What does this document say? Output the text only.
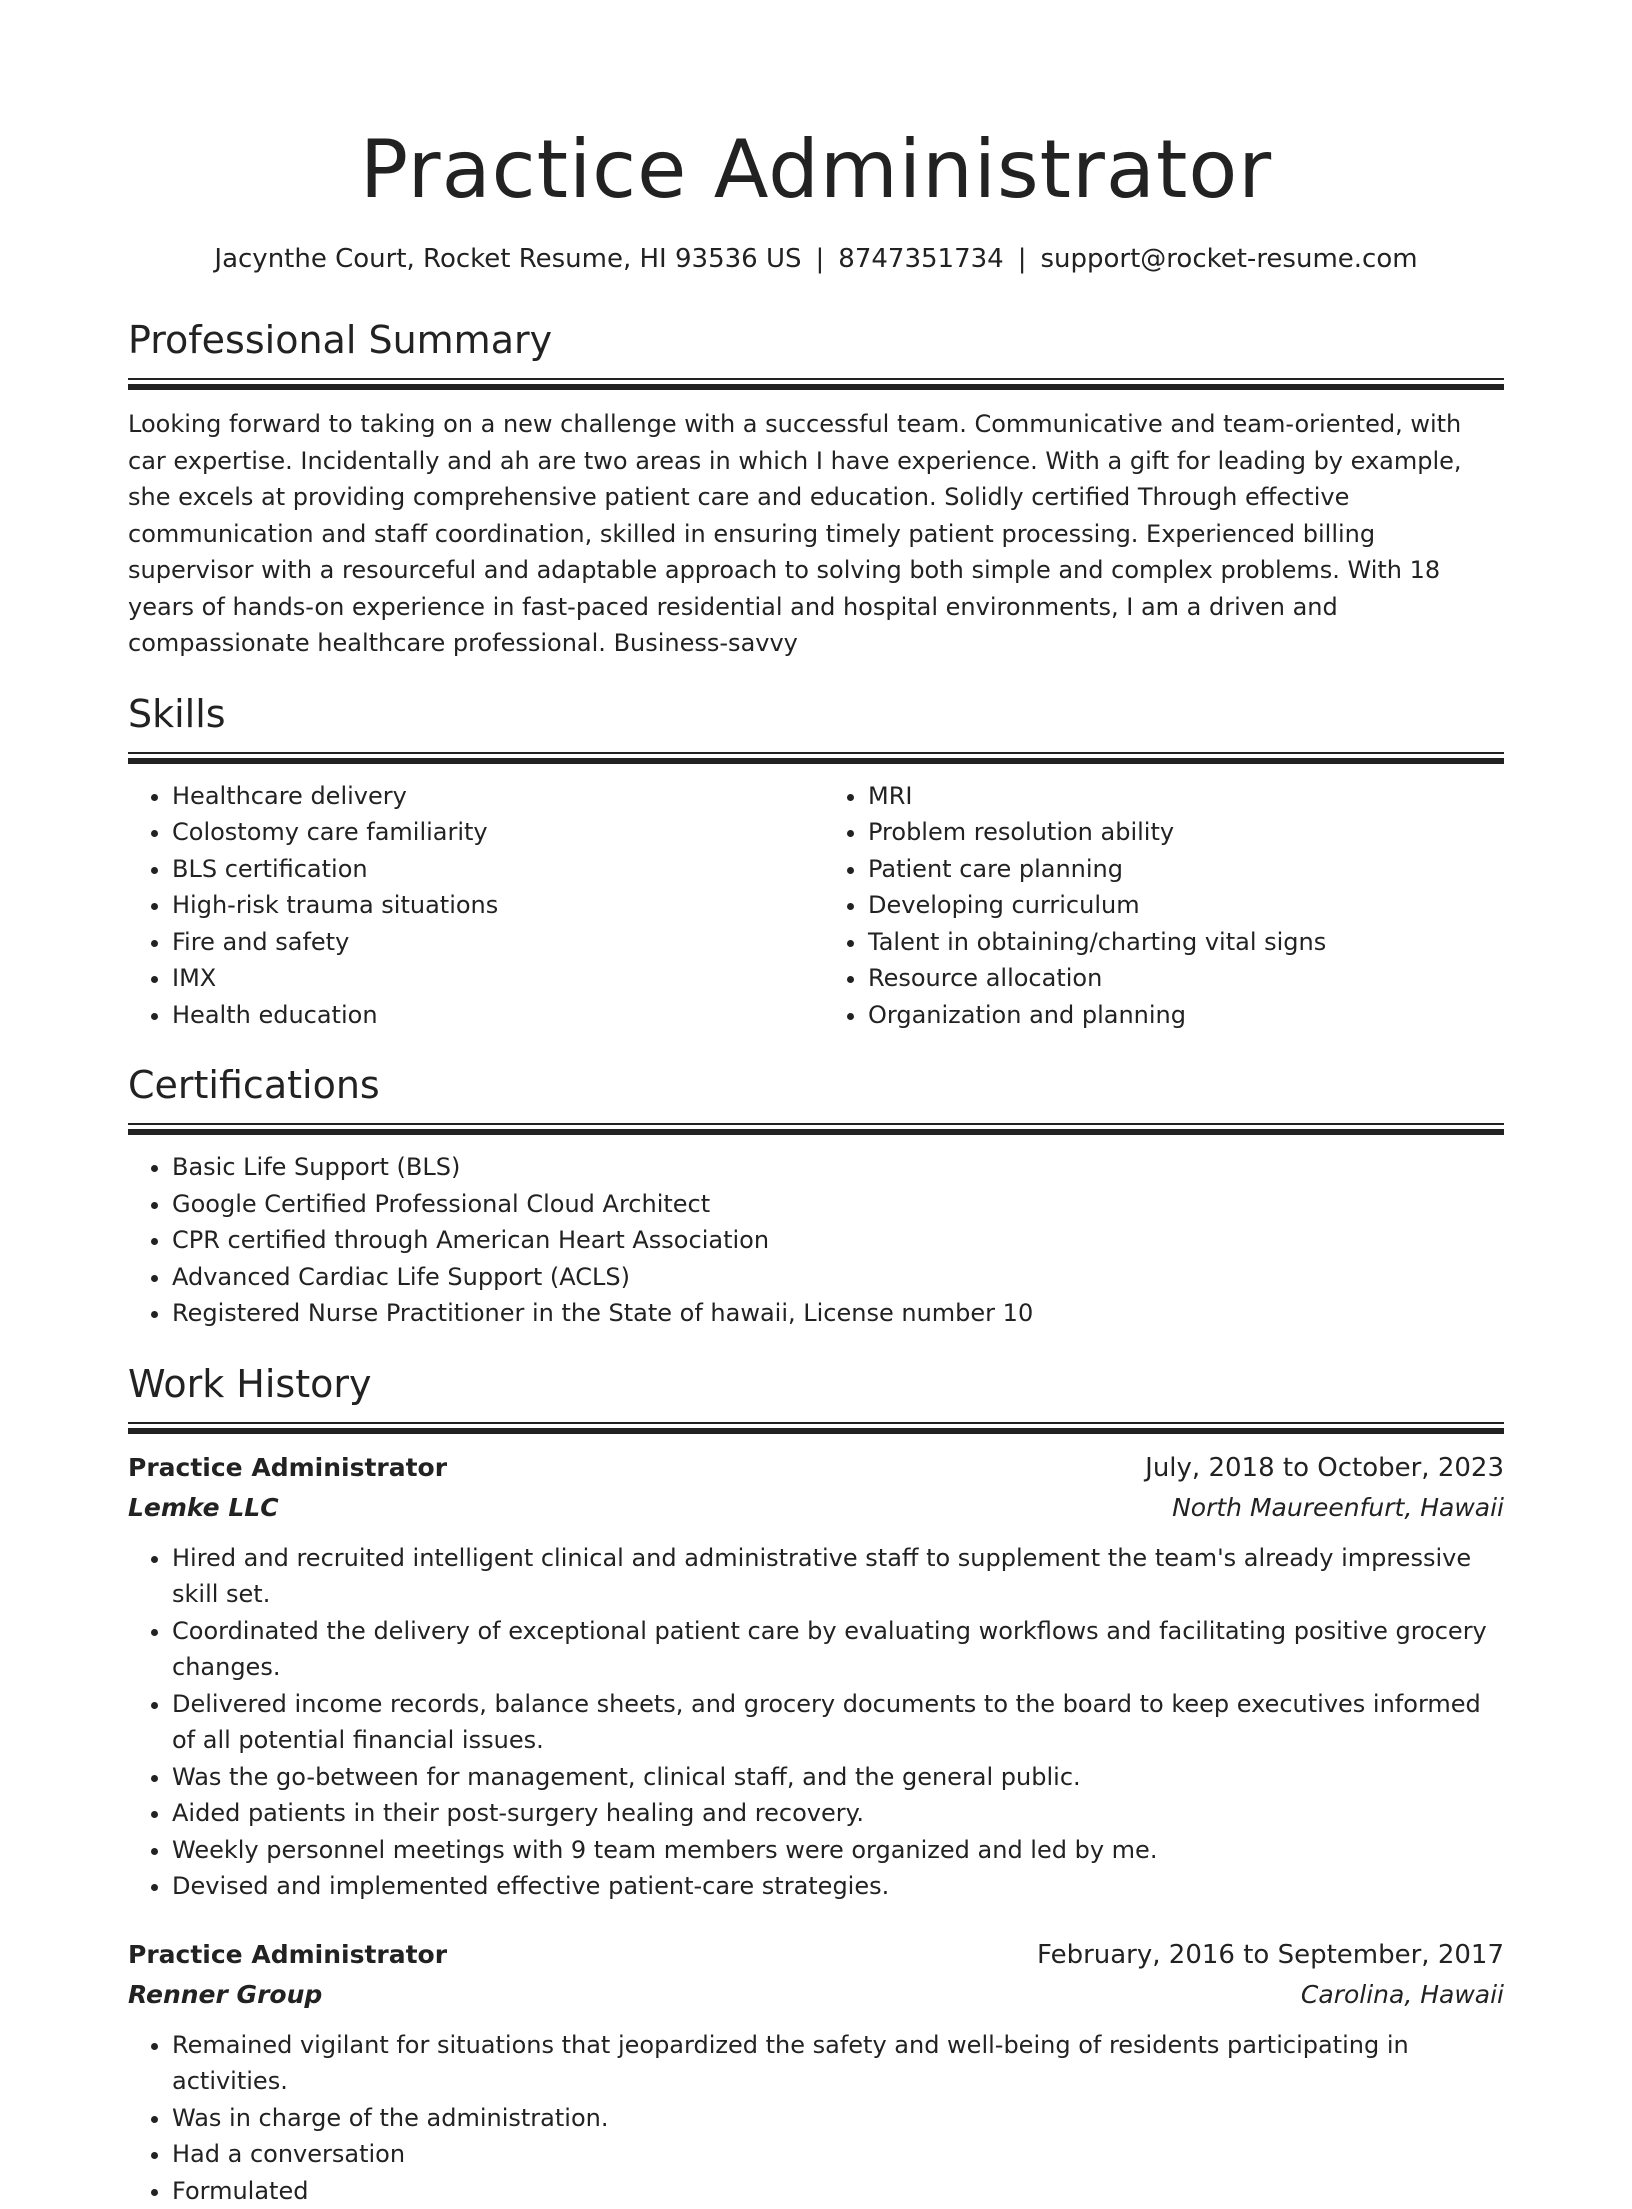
Practice Administrator
Jacynthe Court, Rocket Resume, HI 93536 US | 8747351734 | support@rocket-resume.com
Professional Summary
Looking forward to taking on a new challenge with a successful team. Communicative and team-oriented, with car expertise. Incidentally and ah are two areas in which I have experience. With a gift for leading by example, she excels at providing comprehensive patient care and education. Solidly certified Through effective communication and staff coordination, skilled in ensuring timely patient processing. Experienced billing supervisor with a resourceful and adaptable approach to solving both simple and complex problems. With 18 years of hands-on experience in fast-paced residential and hospital environments, I am a driven and compassionate healthcare professional. Business-savvy
Skills
• Healthcare delivery
• Colostomy care familiarity
• BLS certification
• High-risk trauma situations
• Fire and safety
• IMX
• Health education
• MRI
• Problem resolution ability
• Patient care planning
• Developing curriculum
• Talent in obtaining/charting vital signs
• Resource allocation
• Organization and planning
Certifications
• Basic Life Support (BLS)
• Google Certified Professional Cloud Architect
• CPR certified through American Heart Association
• Advanced Cardiac Life Support (ACLS)
• Registered Nurse Practitioner in the State of hawaii, License number 10
Work History
Practice Administrator	July, 2018 to October, 2023
Lemke LLC	North Maureenfurt, Hawaii
• Hired and recruited intelligent clinical and administrative staff to supplement the team's already impressive skill set.
• Coordinated the delivery of exceptional patient care by evaluating workflows and facilitating positive grocery changes.
• Delivered income records, balance sheets, and grocery documents to the board to keep executives informed of all potential financial issues.
• Was the go-between for management, clinical staff, and the general public.
• Aided patients in their post-surgery healing and recovery.
• Weekly personnel meetings with 9 team members were organized and led by me.
• Devised and implemented effective patient-care strategies.
Practice Administrator	February, 2016 to September, 2017
Renner Group	Carolina, Hawaii
• Remained vigilant for situations that jeopardized the safety and well-being of residents participating in activities.
• Was in charge of the administration.
• Had a conversation
• Formulated
